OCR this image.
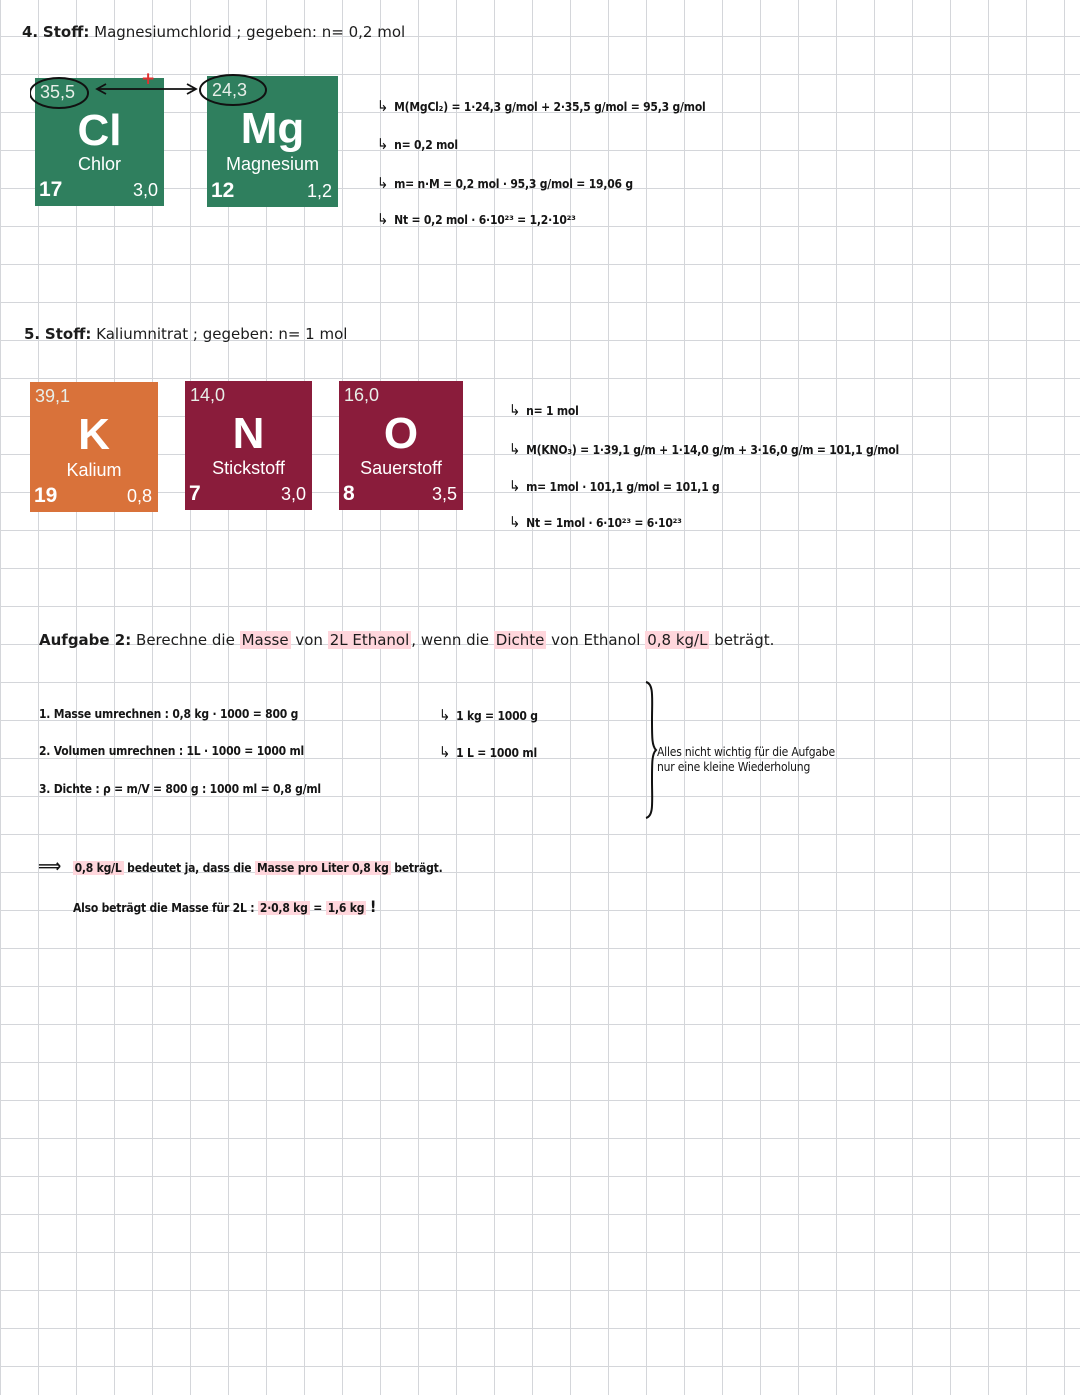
4. Stoff: Magnesiumchlorid ; gegeben: n= 0,2 mol
35,5
Cl
Chlor
17	3,0
24,3
Mg
Magnesium
12	1,2
+
↳ M(MgCl₂) = 1·24,3 g/mol + 2·35,5 g/mol = 95,3 g/mol
↳ n= 0,2 mol
↳ m= n·M = 0,2 mol · 95,3 g/mol = 19,06 g
↳ Nt = 0,2 mol · 6·10²³ = 1,2·10²³
5. Stoff: Kaliumnitrat ; gegeben: n= 1 mol
39,1
K
Kalium
19	0,8
14,0
N
Stickstoff
7	3,0
16,0
O
Sauerstoff
8	3,5
↳ n= 1 mol
↳ M(KNO₃) = 1·39,1 g/m + 1·14,0 g/m + 3·16,0 g/m = 101,1 g/mol
↳ m= 1mol · 101,1 g/mol = 101,1 g
↳ Nt = 1mol · 6·10²³ = 6·10²³
Aufgabe 2: Berechne die Masse von 2L Ethanol , wenn die Dichte von Ethanol 0,8 kg/L beträgt.
1. Masse umrechnen : 0,8 kg · 1000 = 800 g
2. Volumen umrechnen : 1L · 1000 = 1000 ml
3. Dichte : ρ = m/V = 800 g : 1000 ml = 0,8 g/ml
↳ 1 kg = 1000 g
↳ 1 L = 1000 ml	Alles nicht wichtig für die Aufgabe
nur eine kleine Wiederholung
⟹ 0,8 kg/L bedeutet ja, dass die Masse pro Liter 0,8 kg beträgt.
Also beträgt die Masse für 2L : 2·0,8 kg = 1,6 kg !
